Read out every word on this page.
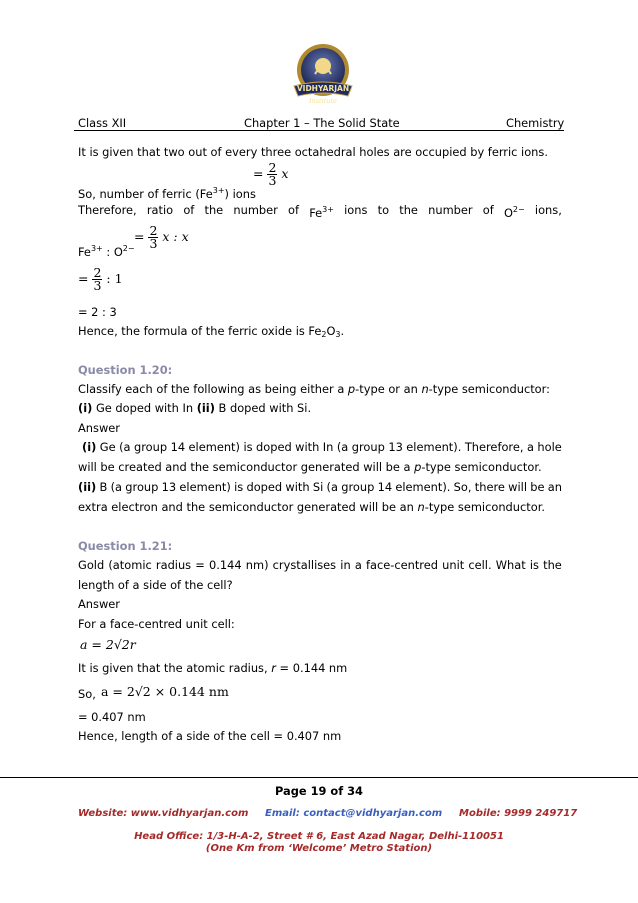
VIDHYARJAN
Institute
Class XII	Chapter 1 – The Solid State	Chemistry
It is given that two out of every three octahedral holes are occupied by ferric ions.
= $\frac{2}{3}$ x
So, number of ferric $(Fe^{3+})$ ions
Therefore, ratio of the number of $Fe^{3+}$ ions to the number of $O^{2-}$ ions,
= $\frac{2}{3}$ x : x
$Fe^{3+}$ : $O^{2-}$
= $\frac{2}{3}$ : 1
= 2 : 3
Hence, the formula of the ferric oxide is $Fe_2O_3$.
Question 1.20:
Classify each of the following as being either a p-type or an n-type semiconductor:
(i) Ge doped with In (ii) B doped with Si.
Answer
(i) Ge (a group 14 element) is doped with In (a group 13 element). Therefore, a hole
will be created and the semiconductor generated will be a p-type semiconductor.
(ii) B (a group 13 element) is doped with Si (a group 14 element). So, there will be an
extra electron and the semiconductor generated will be an n-type semiconductor.
Question 1.21:
Gold (atomic radius = 0.144 nm) crystallises in a face-centred unit cell. What is the
length of a side of the cell?
Answer
For a face-centred unit cell:
a = 2√2r
It is given that the atomic radius, r = 0.144 nm
So, a = 2√2 × 0.144 nm
= 0.407 nm
Hence, length of a side of the cell = 0.407 nm
Page 19 of 34
Website: www.vidhyarjan.com Email: contact@vidhyarjan.com Mobile: 9999 249717
Head Office: 1/3-H-A-2, Street # 6, East Azad Nagar, Delhi-110051
(One Km from ‘Welcome’ Metro Station)
